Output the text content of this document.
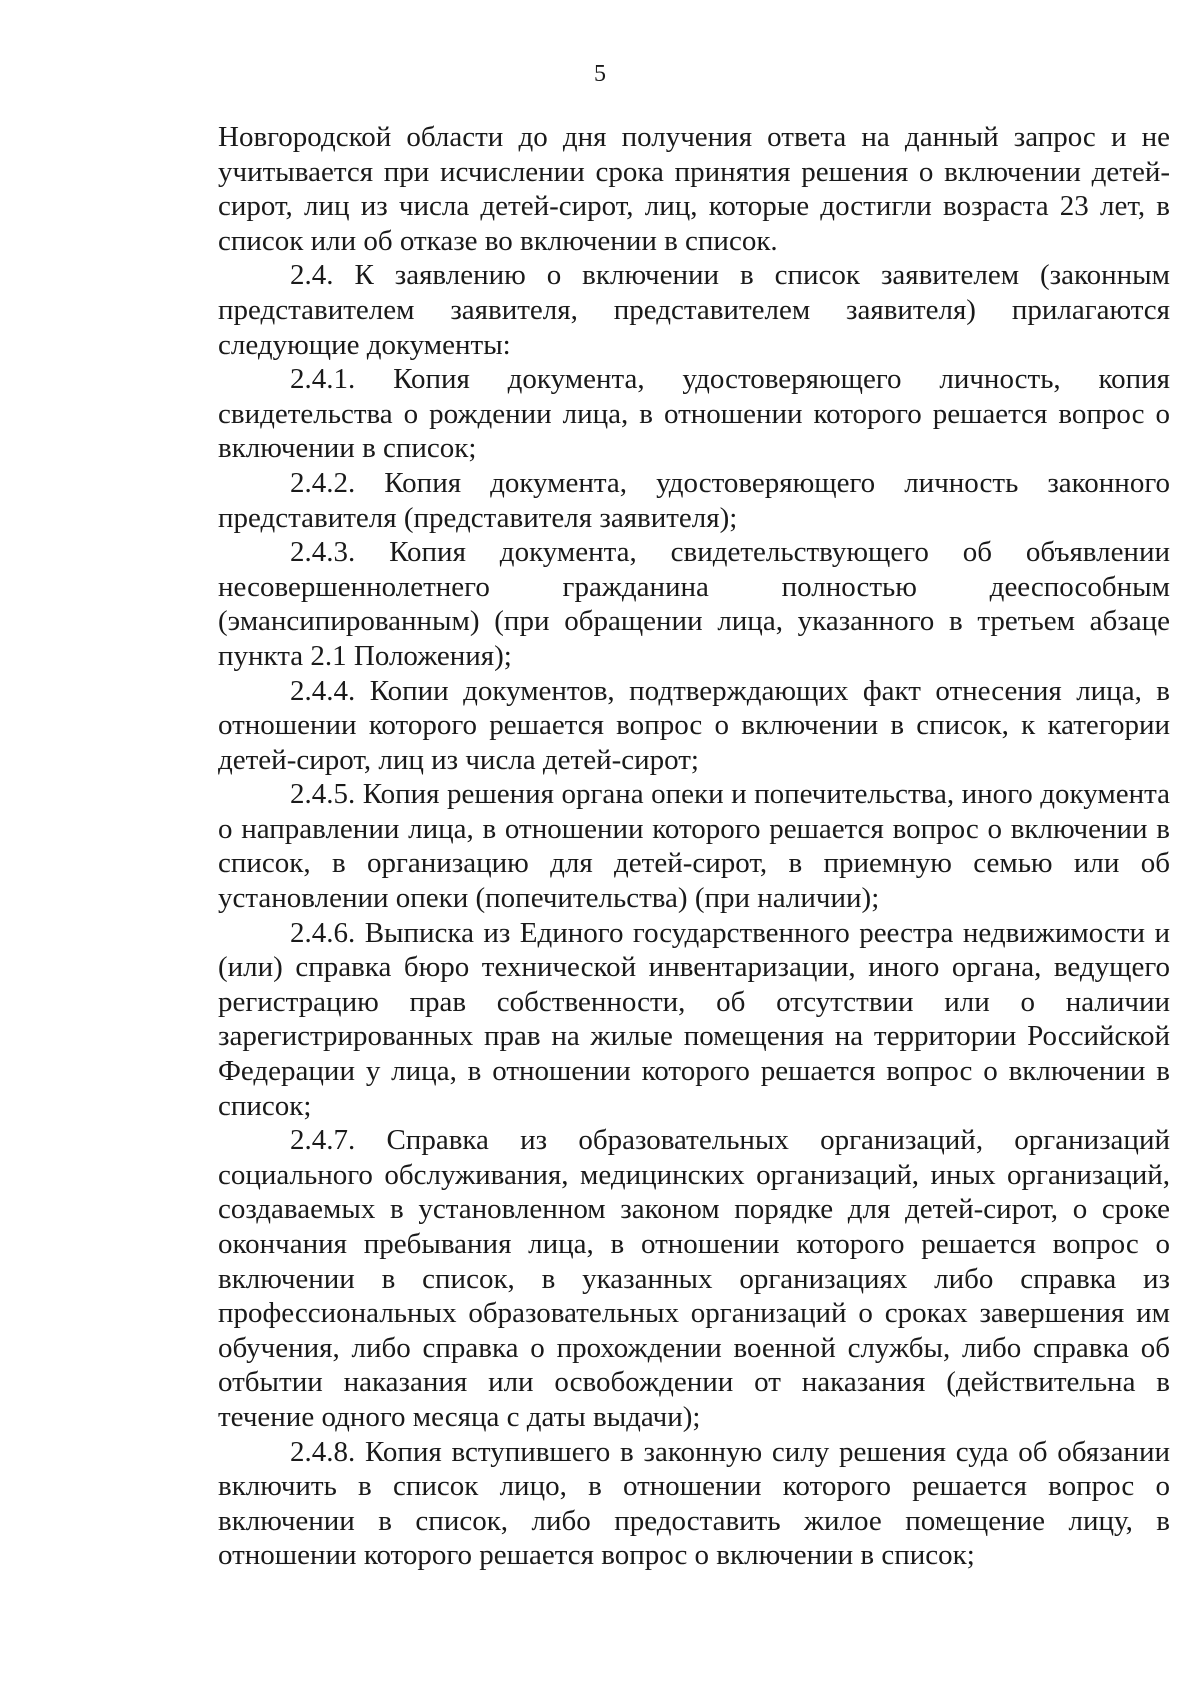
5

Новгородской области до дня получения ответа на данный запрос и не учитывается при исчислении срока принятия решения о включении детей-сирот, лиц из числа детей-сирот, лиц, которые достигли возраста 23 лет, в список или об отказе во включении в список.

2.4. К заявлению о включении в список заявителем (законным представителем заявителя, представителем заявителя) прилагаются следующие документы:

2.4.1. Копия документа, удостоверяющего личность, копия свидетельства о рождении лица, в отношении которого решается вопрос о включении в список;

2.4.2. Копия документа, удостоверяющего личность законного представителя (представителя заявителя);

2.4.3. Копия документа, свидетельствующего об объявлении несовершеннолетнего гражданина полностью дееспособным (эмансипированным) (при обращении лица, указанного в третьем абзаце пункта 2.1 Положения);

2.4.4. Копии документов, подтверждающих факт отнесения лица, в отношении которого решается вопрос о включении в список, к категории детей-сирот, лиц из числа детей-сирот;

2.4.5. Копия решения органа опеки и попечительства, иного документа о направлении лица, в отношении которого решается вопрос о включении в список, в организацию для детей-сирот, в приемную семью или об установлении опеки (попечительства) (при наличии);

2.4.6. Выписка из Единого государственного реестра недвижимости и (или) справка бюро технической инвентаризации, иного органа, ведущего регистрацию прав собственности, об отсутствии или о наличии зарегистрированных прав на жилые помещения на территории Российской Федерации у лица, в отношении которого решается вопрос о включении в список;

2.4.7. Справка из образовательных организаций, организаций социального обслуживания, медицинских организаций, иных организаций, создаваемых в установленном законом порядке для детей-сирот, о сроке окончания пребывания лица, в отношении которого решается вопрос о включении в список, в указанных организациях либо справка из профессиональных образовательных организаций о сроках завершения им обучения, либо справка о прохождении военной службы, либо справка об отбытии наказания или освобождении от наказания (действительна в течение одного месяца с даты выдачи);

2.4.8. Копия вступившего в законную силу решения суда об обязании включить в список лицо, в отношении которого решается вопрос о включении в список, либо предоставить жилое помещение лицу, в отношении которого решается вопрос о включении в список;
